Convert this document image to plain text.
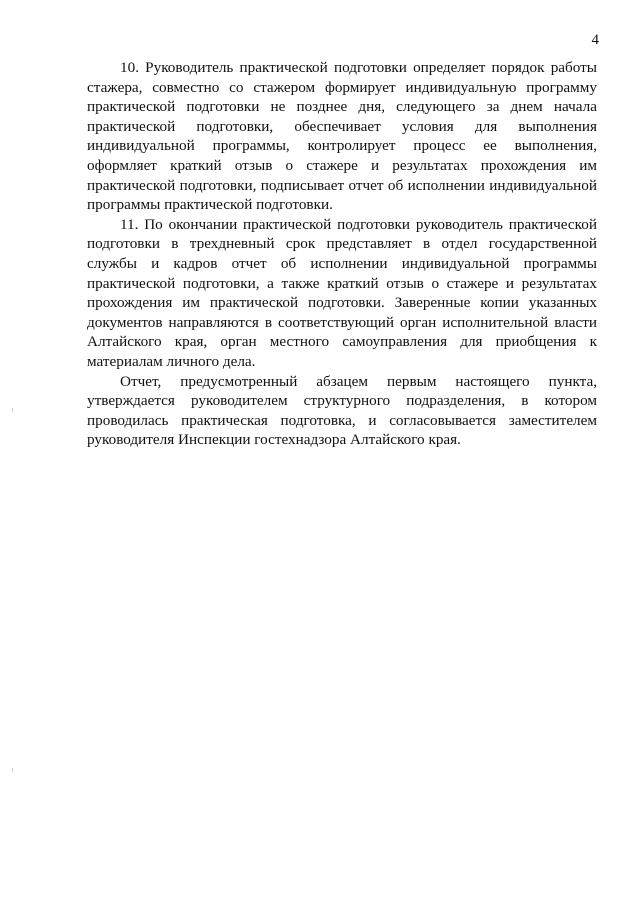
4

10. Руководитель практической подготовки определяет порядок работы стажера, совместно со стажером формирует индивидуальную программу практической подготовки не позднее дня, следующего за днем начала практической подготовки, обеспечивает условия для выполнения индивидуальной программы, контролирует процесс ее выполнения, оформляет краткий отзыв о стажере и результатах прохождения им практической подготовки, подписывает отчет об исполнении индивидуальной программы практической подготовки.

11. По окончании практической подготовки руководитель практической подготовки в трехдневный срок представляет в отдел государственной службы и кадров отчет об исполнении индивидуальной программы практической подготовки, а также краткий отзыв о стажере и результатах прохождения им практической подготовки. Заверенные копии указанных документов направляются в соответствующий орган исполнительной власти Алтайского края, орган местного самоуправления для приобщения к материалам личного дела.

Отчет, предусмотренный абзацем первым настоящего пункта, утверждается руководителем структурного подразделения, в котором проводилась практическая подготовка, и согласовывается заместителем руководителя Инспекции гостехнадзора Алтайского края.
